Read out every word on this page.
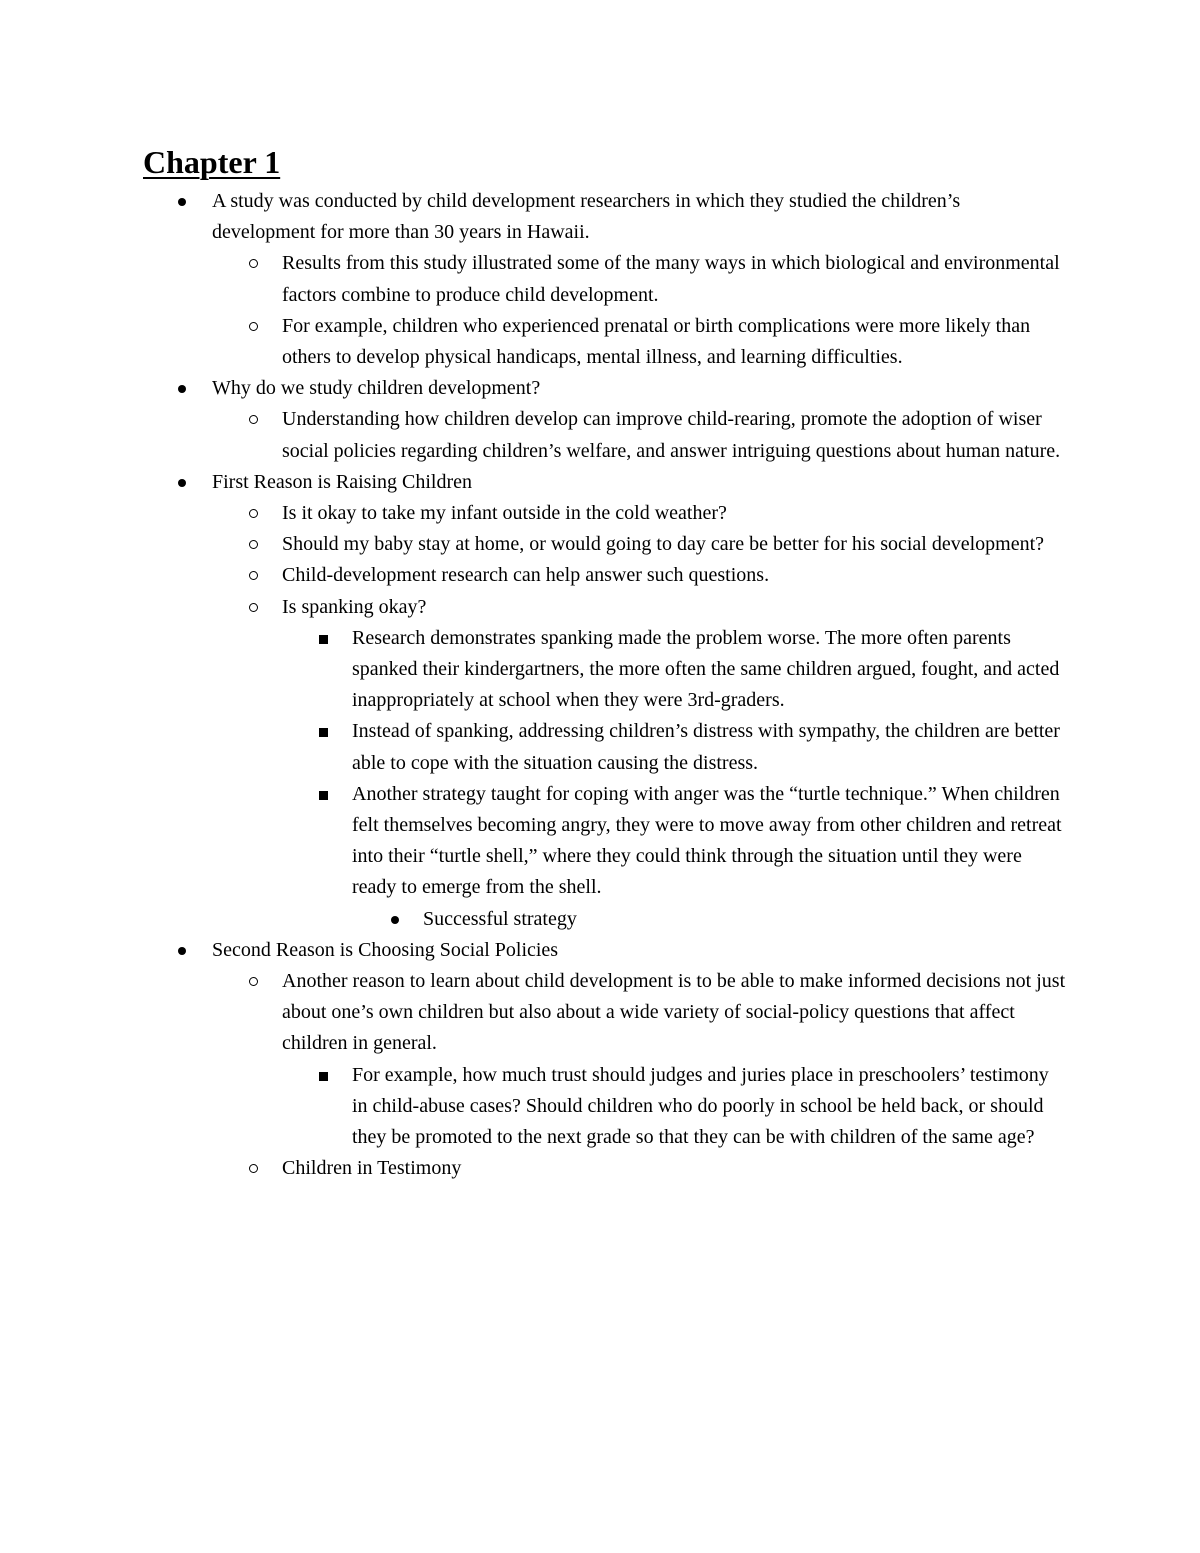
Chapter 1
A study was conducted by child development researchers in which they studied the children’s development for more than 30 years in Hawaii.
Results from this study illustrated some of the many ways in which biological and environmental factors combine to produce child development.
For example, children who experienced prenatal or birth complications were more likely than others to develop physical handicaps, mental illness, and learning difficulties.
Why do we study children development?
Understanding how children develop can improve child-rearing, promote the adoption of wiser social policies regarding children’s welfare, and answer intriguing questions about human nature.
First Reason is Raising Children
Is it okay to take my infant outside in the cold weather?
Should my baby stay at home, or would going to day care be better for his social development?
Child-development research can help answer such questions.
Is spanking okay?
Research demonstrates spanking made the problem worse. The more often parents spanked their kindergartners, the more often the same children argued, fought, and acted inappropriately at school when they were 3rd-graders.
Instead of spanking, addressing children’s distress with sympathy, the children are better able to cope with the situation causing the distress.
Another strategy taught for coping with anger was the “turtle technique.” When children felt themselves becoming angry, they were to move away from other children and retreat into their “turtle shell,” where they could think through the situation until they were ready to emerge from the shell.
Successful strategy
Second Reason is Choosing Social Policies
Another reason to learn about child development is to be able to make informed decisions not just about one’s own children but also about a wide variety of social-policy questions that affect children in general.
For example, how much trust should judges and juries place in preschoolers’ testimony in child-abuse cases? Should children who do poorly in school be held back, or should they be promoted to the next grade so that they can be with children of the same age?
Children in Testimony
